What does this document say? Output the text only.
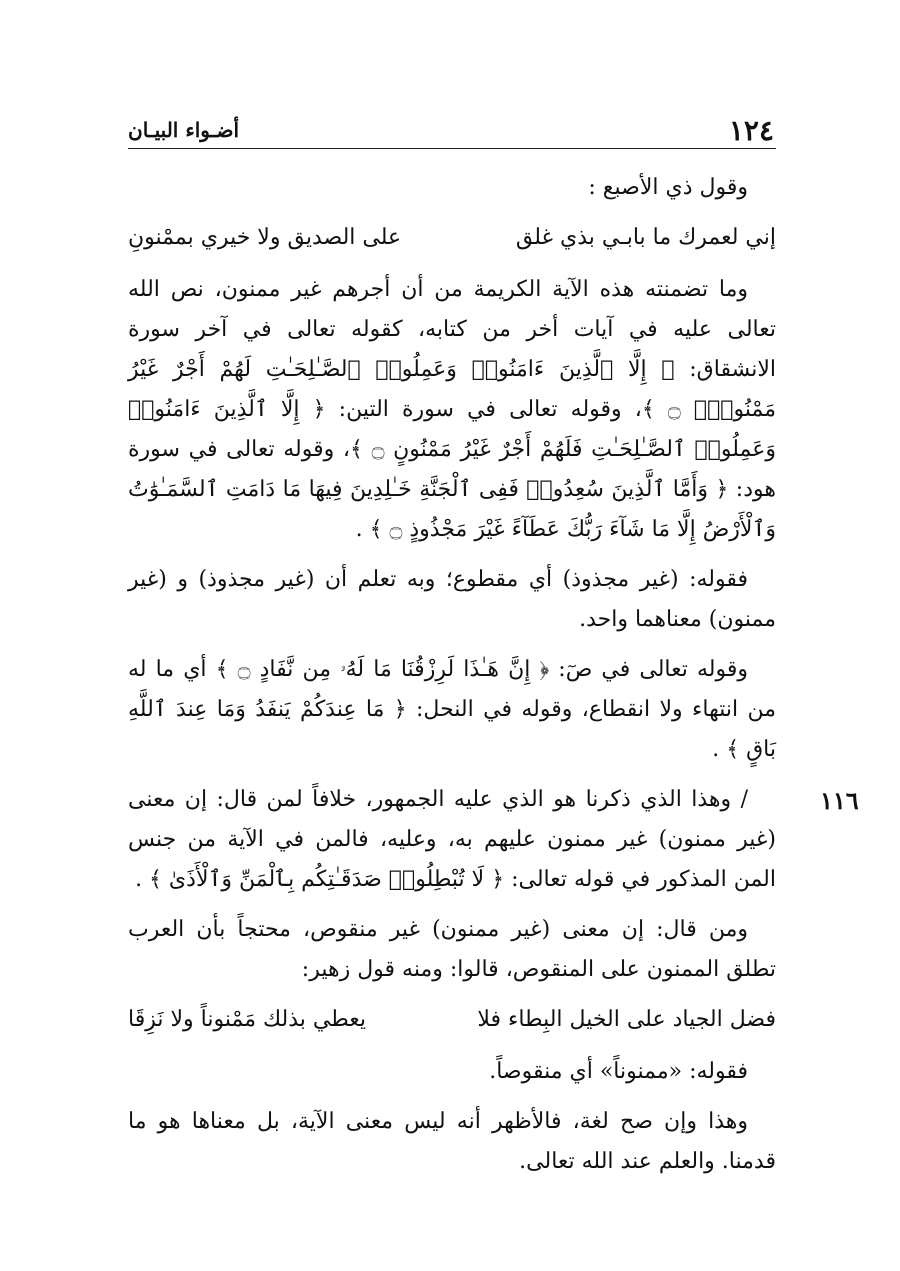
١٢٤
أضـواء البيـان
١١٦

وقول ذي الأصبع :

إني لعمرك ما بابـي بذي غلق
على الصديق ولا خيري بممْنونِ

وما تضمنته هذه الآية الكريمة من أن أجرهم غير ممنون، نص الله تعالى عليه في آيات أخر من كتابه، كقوله تعالى في آخر سورة الانشقاق: ﴿ إِلَّا ٱلَّذِينَ ءَامَنُوا۟ وَعَمِلُوا۟ ٱلصَّـٰلِحَـٰتِ لَهُمْ أَجْرٌ غَيْرُ مَمْنُونٍۭ ۝ ﴾، وقوله تعالى في سورة التين: ﴿ إِلَّا ٱلَّذِينَ ءَامَنُوا۟ وَعَمِلُوا۟ ٱلصَّـٰلِحَـٰتِ فَلَهُمْ أَجْرٌ غَيْرُ مَمْنُونٍ ۝ ﴾، وقوله تعالى في سورة هود: ﴿ وَأَمَّا ٱلَّذِينَ سُعِدُوا۟ فَفِى ٱلْجَنَّةِ خَـٰلِدِينَ فِيهَا مَا دَامَتِ ٱلسَّمَـٰوَٰتُ وَٱلْأَرْضُ إِلَّا مَا شَآءَ رَبُّكَ عَطَآءً غَيْرَ مَجْذُوذٍ ۝ ﴾ .

فقوله: (غير مجذوذ) أي مقطوع؛ وبه تعلم أن (غير مجذوذ) و (غير ممنون) معناهما واحد.

وقوله تعالى في صٓ: ﴿ إِنَّ هَـٰذَا لَرِزْقُنَا مَا لَهُۥ مِن نَّفَادٍ ۝ ﴾ أي ما له من انتهاء ولا انقطاع، وقوله في النحل: ﴿ مَا عِندَكُمْ يَنفَدُ وَمَا عِندَ ٱللَّهِ بَاقٍ ﴾ .

/ وهذا الذي ذكرنا هو الذي عليه الجمهور، خلافاً لمن قال: إن معنى (غير ممنون) غير ممنون عليهم به، وعليه، فالمن في الآية من جنس المن المذكور في قوله تعالى: ﴿ لَا تُبْطِلُوا۟ صَدَقَـٰتِكُم بِٱلْمَنِّ وَٱلْأَذَىٰ ﴾ .

ومن قال: إن معنى (غير ممنون) غير منقوص، محتجاً بأن العرب تطلق الممنون على المنقوص، قالوا: ومنه قول زهير:

فضل الجياد على الخيل البِطاء فلا
يعطي بذلك مَمْنوناً ولا نَزِقَا

فقوله: «ممنوناً» أي منقوصاً.

وهذا وإن صح لغة، فالأظهر أنه ليس معنى الآية، بل معناها هو ما قدمنا. والعلم عند الله تعالى.
